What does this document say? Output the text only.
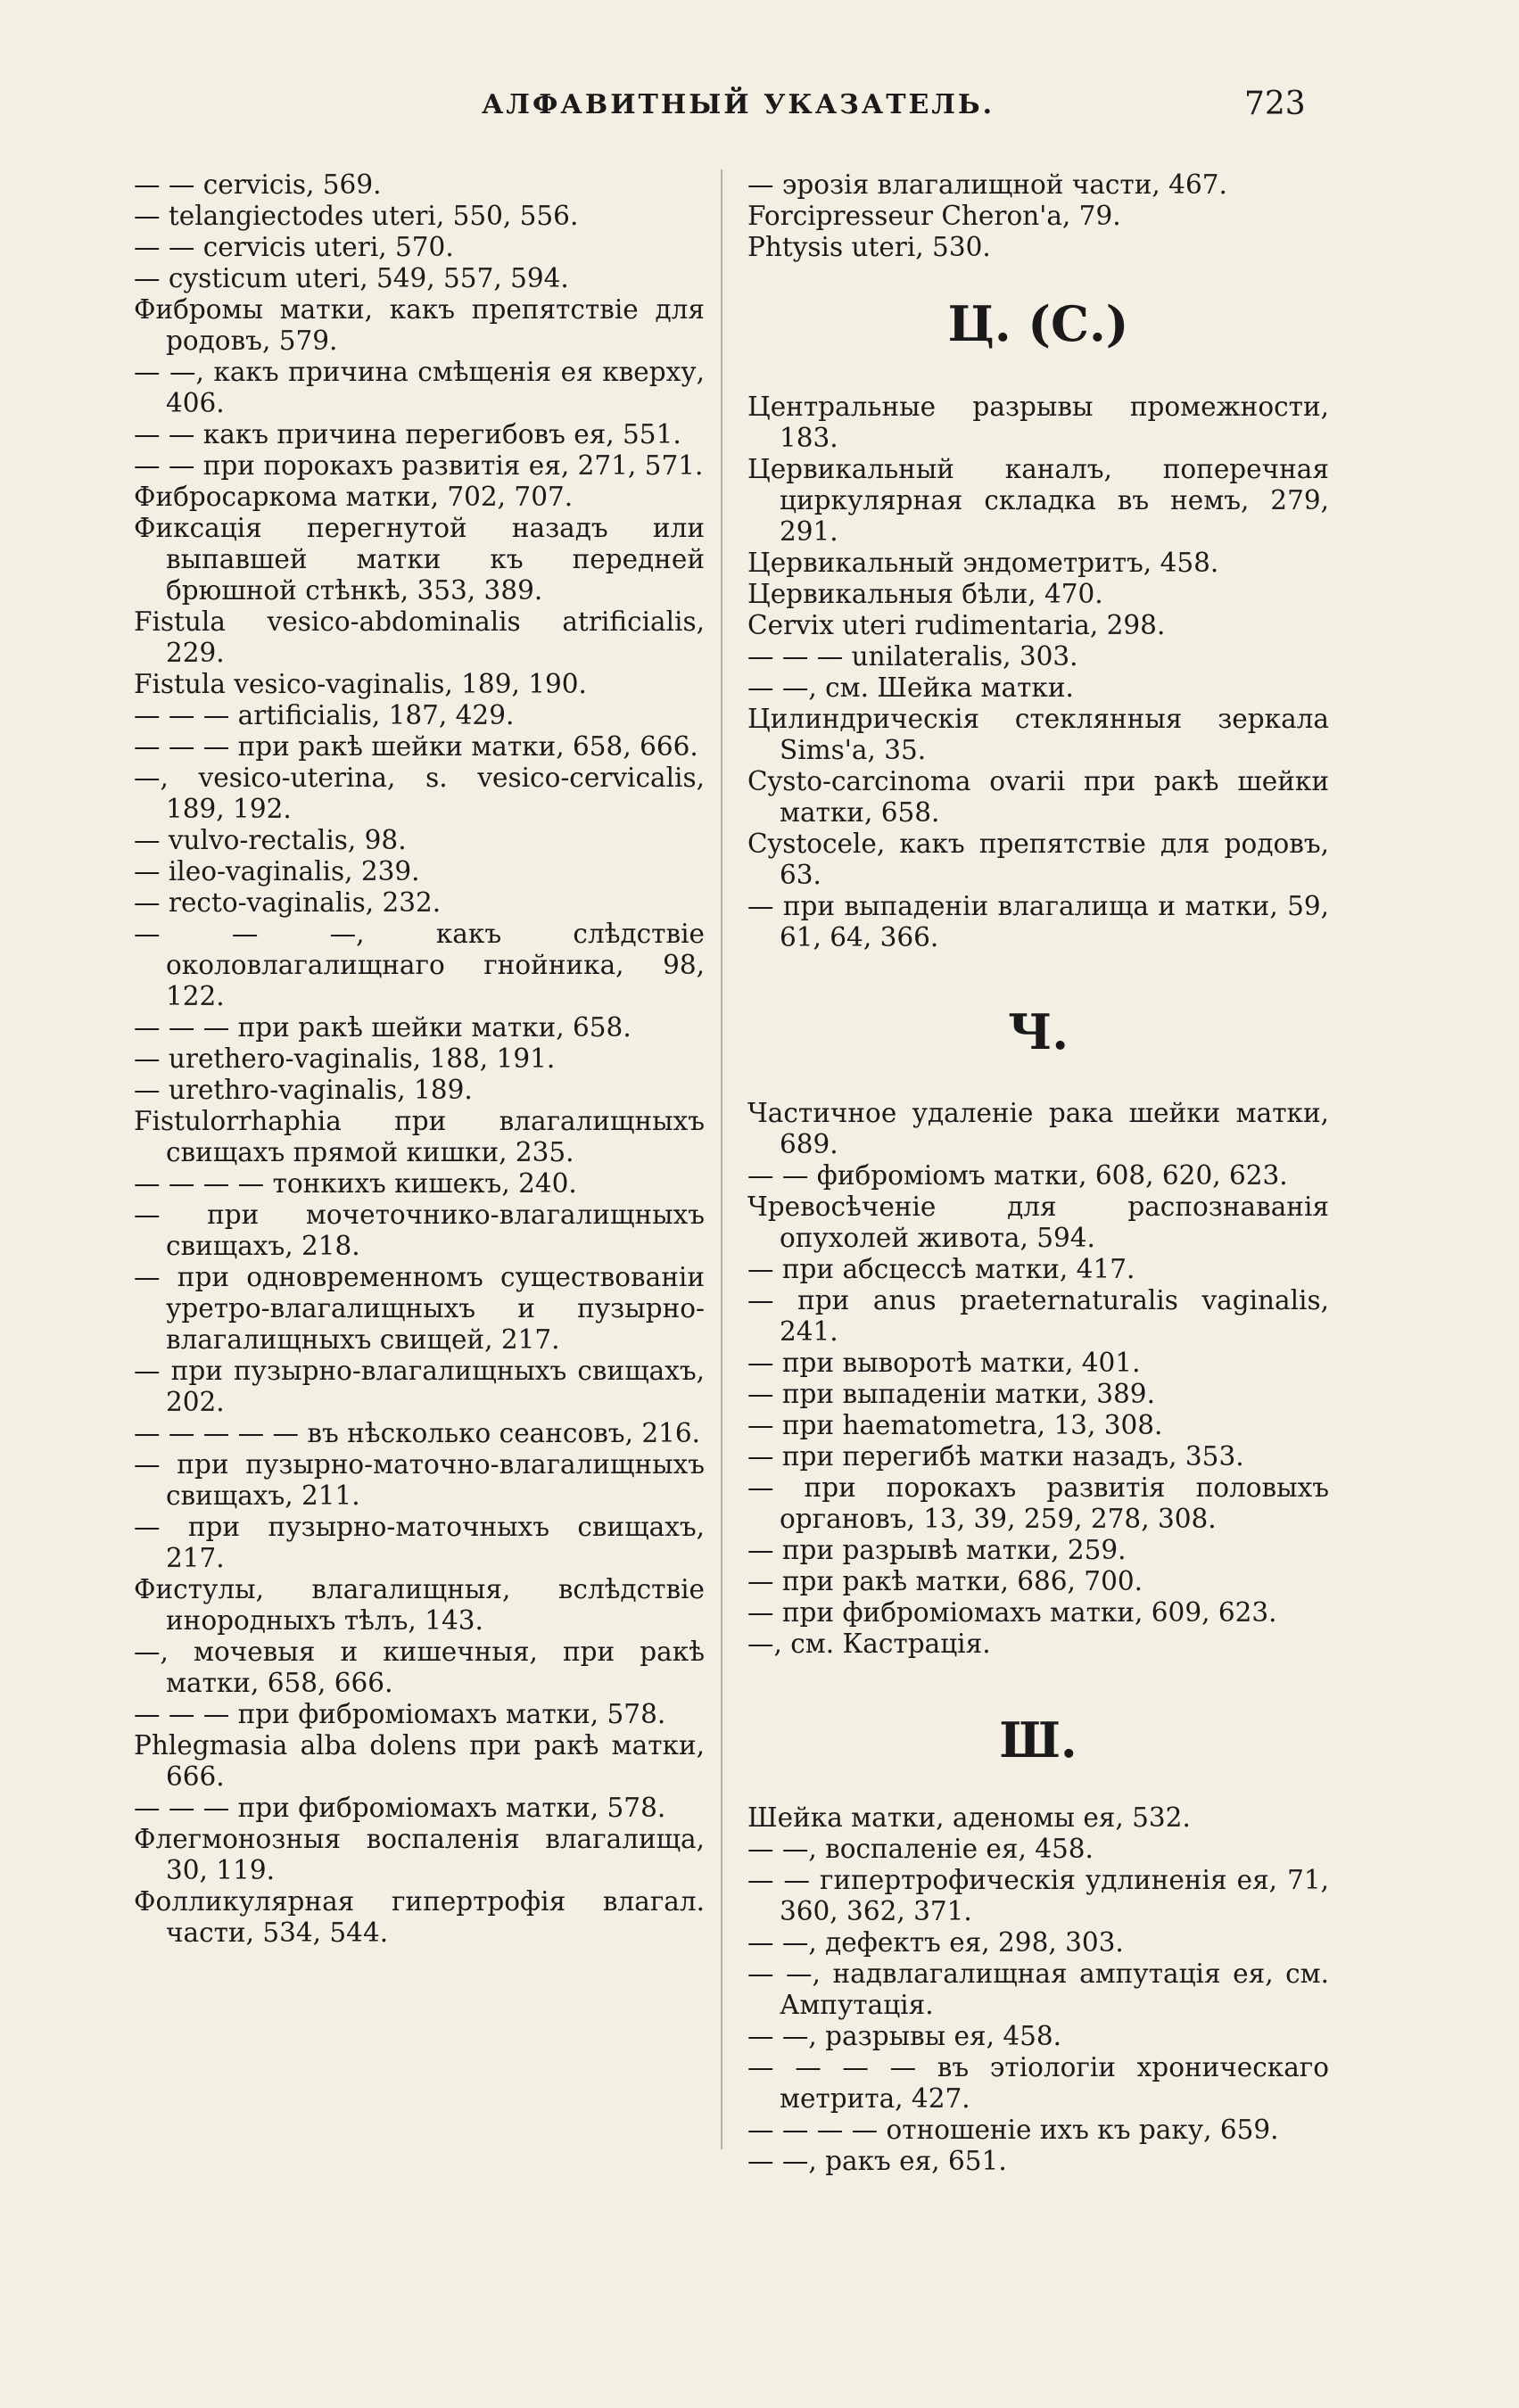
АЛФАВИТНЫЙ УКАЗАТЕЛЬ.	723

— — cervicis, 569.

— telangiectodes uteri, 550, 556.

— — cervicis uteri, 570.

— cysticum uteri, 549, 557, 594.

Фибромы матки, какъ препятствіе для родовъ, 579.

— —, какъ причина смѣщенія ея кверху, 406.

— — какъ причина перегибовъ ея, 551.

— — при порокахъ развитія ея, 271, 571.

Фибросаркома матки, 702, 707.

Фиксація перегнутой назадъ или выпавшей матки къ передней брюшной стѣнкѣ, 353, 389.

Fistula vesico-abdominalis atrificialis, 229.

Fistula vesico-vaginalis, 189, 190.

— — — artificialis, 187, 429.

— — — при ракѣ шейки матки, 658, 666.

—, vesico-uterina, s. vesico-cervicalis, 189, 192.

— vulvo-rectalis, 98.

— ileo-vaginalis, 239.

— recto-vaginalis, 232.

— — —, какъ слѣдствіе околовлагалищнаго гнойника, 98, 122.

— — — при ракѣ шейки матки, 658.

— urethero-vaginalis, 188, 191.

— urethro-vaginalis, 189.

Fistulorrhaphia при влагалищныхъ свищахъ прямой кишки, 235.

— — — — тонкихъ кишекъ, 240.

— при мочеточнико-влагалищныхъ свищахъ, 218.

— при одновременномъ существованіи уретро-влагалищныхъ и пузырно-влагалищныхъ свищей, 217.

— при пузырно-влагалищныхъ свищахъ, 202.

— — — — — въ нѣсколько сеансовъ, 216.

— при пузырно-маточно-влагалищныхъ свищахъ, 211.

— при пузырно-маточныхъ свищахъ, 217.

Фистулы, влагалищныя, вслѣдствіе инородныхъ тѣлъ, 143.

—, мочевыя и кишечныя, при ракѣ матки, 658, 666.

— — — при фиброміомахъ матки, 578.

Phlegmasia alba dolens при ракѣ матки, 666.

— — — при фиброміомахъ матки, 578.

Флегмонозныя воспаленія влагалища, 30, 119.

Фолликулярная гипертрофія влагал. части, 534, 544.

— эрозія влагалищной части, 467.

Forcipresseur Cheron'а, 79.

Phtysis uteri, 530.

Ц. (С.)

Центральные разрывы промежности, 183.

Цервикальный каналъ, поперечная циркулярная складка въ немъ, 279, 291.

Цервикальный эндометритъ, 458.

Цервикальныя бѣли, 470.

Cervix uteri rudimentaria, 298.

— — — unilateralis, 303.

— —, см. Шейка матки.

Цилиндрическія стеклянныя зеркала Sims'а, 35.

Cysto-carcinoma ovarii при ракѣ шейки матки, 658.

Cystocele, какъ препятствіе для родовъ, 63.

— при выпаденіи влагалища и матки, 59, 61, 64, 366.

Ч.

Частичное удаленіе рака шейки матки, 689.

— — фиброміомъ матки, 608, 620, 623.

Чревосѣченіе для распознаванія опухолей живота, 594.

— при абсцессѣ матки, 417.

— при anus praeternaturalis vaginalis, 241.

— при выворотѣ матки, 401.

— при выпаденіи матки, 389.

— при haematometra, 13, 308.

— при перегибѣ матки назадъ, 353.

— при порокахъ развитія половыхъ органовъ, 13, 39, 259, 278, 308.

— при разрывѣ матки, 259.

— при ракѣ матки, 686, 700.

— при фиброміомахъ матки, 609, 623.

—, см. Кастрація.

Ш.

Шейка матки, аденомы ея, 532.

— —, воспаленіе ея, 458.

— — гипертрофическія удлиненія ея, 71, 360, 362, 371.

— —, дефектъ ея, 298, 303.

— —, надвлагалищная ампутація ея, см. Ампутація.

— —, разрывы ея, 458.

— — — — въ этіологіи хроническаго метрита, 427.

— — — — отношеніе ихъ къ раку, 659.

— —, ракъ ея, 651.
